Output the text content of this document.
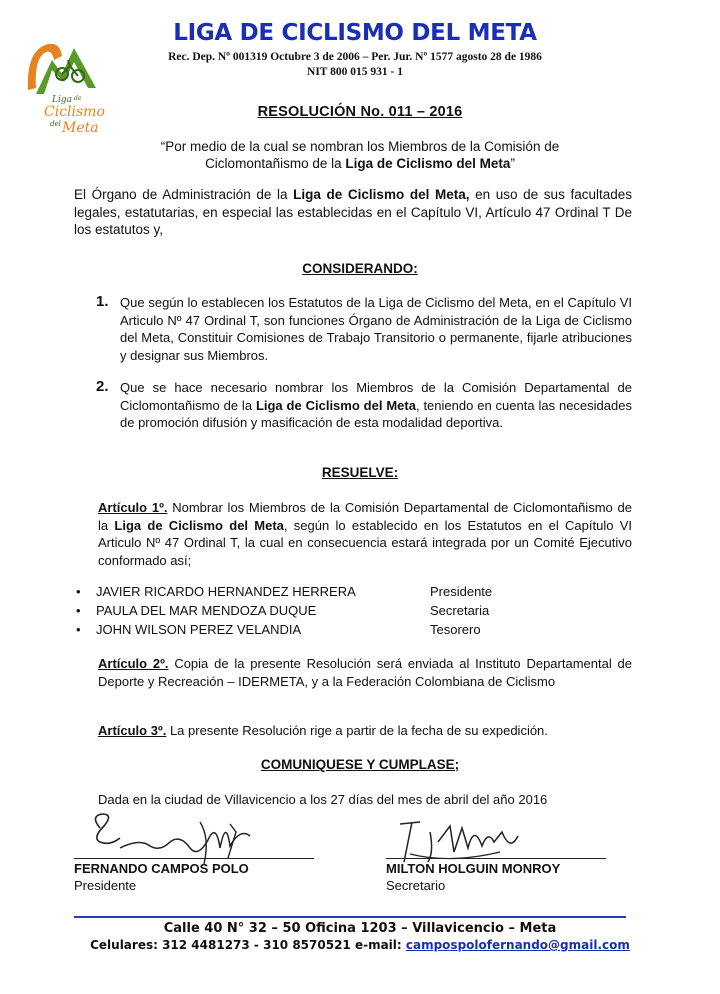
Liga de
Ciclismo
del Meta
LIGA DE CICLISMO DEL META
Rec. Dep. Nº 001319 Octubre 3 de 2006 – Per. Jur. Nº 1577 agosto 28 de 1986
NIT 800 015 931 - 1
RESOLUCIÓN No. 011 – 2016
“Por medio de la cual se nombran los Miembros de la Comisión de
Ciclomontañismo de la Liga de Ciclismo del Meta”
El Órgano de Administración de la Liga de Ciclismo del Meta, en uso de sus facultades legales, estatutarias, en especial las establecidas en el Capítulo VI, Artículo 47 Ordinal T De los estatutos y,
CONSIDERANDO:
1. Que según lo establecen los Estatutos de la Liga de Ciclismo del Meta, en el Capítulo VI Articulo Nº 47 Ordinal T, son funciones Órgano de Administración de la Liga de Ciclismo del Meta, Constituir Comisiones de Trabajo Transitorio o permanente, fijarle atribuciones y designar sus Miembros.
2. Que se hace necesario nombrar los Miembros de la Comisión Departamental de Ciclomontañismo de la Liga de Ciclismo del Meta, teniendo en cuenta las necesidades de promoción difusión y masificación de esta modalidad deportiva.
RESUELVE:
Artículo 1º. Nombrar los Miembros de la Comisión Departamental de Ciclomontañismo de la Liga de Ciclismo del Meta, según lo establecido en los Estatutos en el Capítulo VI Articulo Nº 47 Ordinal T, la cual en consecuencia estará integrada por un Comité Ejecutivo conformado así;
• JAVIER RICARDO HERNANDEZ HERRERA	Presidente
• PAULA DEL MAR MENDOZA DUQUE	Secretaria
• JOHN WILSON PEREZ VELANDIA	Tesorero
Artículo 2º. Copia de la presente Resolución será enviada al Instituto Departamental de Deporte y Recreación – IDERMETA, y a la Federación Colombiana de Ciclismo
Artículo 3º. La presente Resolución rige a partir de la fecha de su expedición.
COMUNIQUESE Y CUMPLASE;
Dada en la ciudad de Villavicencio a los 27 días del mes de abril del año 2016
FERNANDO CAMPOS POLO
Presidente
MILTON HOLGUIN MONROY
Secretario
Calle 40 N° 32 – 50 Oficina 1203 – Villavicencio – Meta
Celulares: 312 4481273 - 310 8570521 e-mail: campospolofernando@gmail.com
